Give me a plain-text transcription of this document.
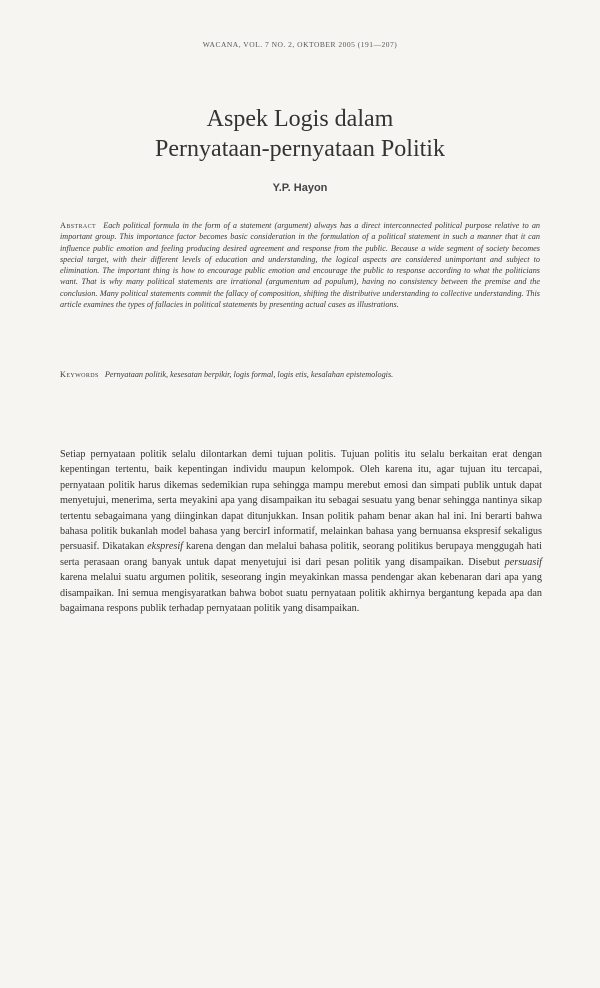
WACANA, VOL. 7 NO. 2, OKTOBER 2005 (191—207)
Aspek Logis dalam
Pernyataan-pernyataan Politik
Y.P. Hayon
Abstract Each political formula in the form of a statement (argument) always has a direct interconnected political purpose relative to an important group. This importance factor becomes basic consideration in the formulation of a political statement in such a manner that it can influence public emotion and feeling producing desired agreement and response from the public. Because a wide segment of society becomes special target, with their different levels of education and understanding, the logical aspects are considered unimportant and subject to elimination. The important thing is how to encourage public emotion and encourage the public to response according to what the politicians want. That is why many political statements are irrational (argumentum ad populum), having no consistency between the premise and the conclusion. Many political statements commit the fallacy of composition, shifting the distributive understanding to collective understanding. This article examines the types of fallacies in political statements by presenting actual cases as illustrations.
Keywords Pernyataan politik, kesesatan berpikir, logis formal, logis etis, kesalahan epistemologis.

Setiap pernyataan politik selalu dilontarkan demi tujuan politis. Tujuan politis itu selalu berkaitan erat dengan kepentingan tertentu, baik kepentingan individu maupun kelompok. Oleh karena itu, agar tujuan itu tercapai, pernyataan politik harus dikemas sedemikian rupa sehingga mampu merebut emosi dan simpati publik untuk dapat menyetujui, menerima, serta meyakini apa yang disampaikan itu sebagai sesuatu yang benar sehingga nantinya sikap tertentu sebagaimana yang diinginkan dapat ditunjukkan. Insan politik paham benar akan hal ini. Ini berarti bahwa bahasa politik bukanlah model bahasa yang bercirI informatif, melainkan bahasa yang bernuansa ekspresif sekaligus persuasif. Dikatakan ekspresif karena dengan dan melalui bahasa politik, seorang politikus berupaya menggugah hati serta perasaan orang banyak untuk dapat menyetujui isi dari pesan politik yang disampaikan. Disebut persuasif karena melalui suatu argumen politik, seseorang ingin meyakinkan massa pendengar akan kebenaran dari apa yang disampaikan. Ini semua mengisyaratkan bahwa bobot suatu pernyataan politik akhirnya bergantung kepada apa dan bagaimana respons publik terhadap pernyataan politik yang disampaikan.
